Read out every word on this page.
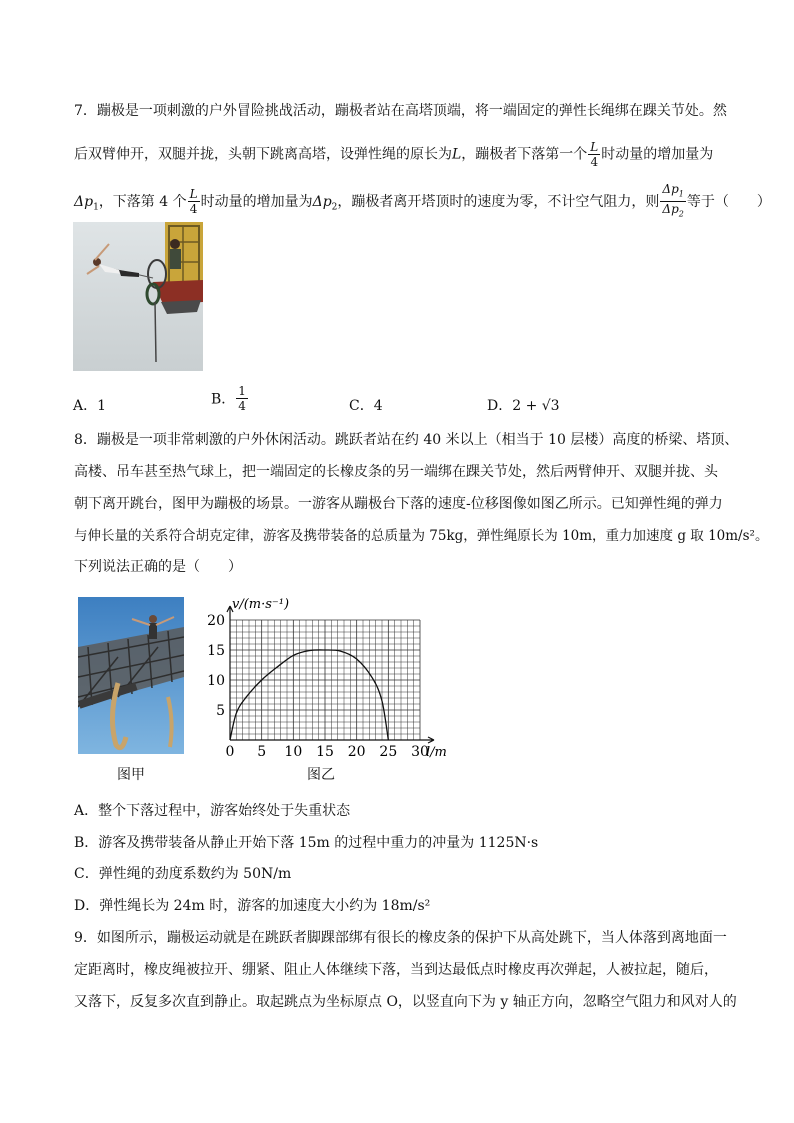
7．蹦极是一项刺激的户外冒险挑战活动，蹦极者站在高塔顶端，将一端固定的弹性长绳绑在踝关节处。然
后双臂伸开，双腿并拢，头朝下跳离高塔，设弹性绳的原长为L，蹦极者下落第一个 $\frac{L}{4}$ 时动量的增加量为
$\Delta p_1$，下落第 4 个 $\frac{L}{4}$ 时动量的增加量为$\Delta p_2$，蹦极者离开塔顶时的速度为零，不计空气阻力，则 $\frac{\Delta p_1}{\Delta p_2}$ 等于（　　）
A．1	B． $\frac{1}{4}$	C．4	D．2 + √3
8．蹦极是一项非常刺激的户外休闲活动。跳跃者站在约 40 米以上（相当于 10 层楼）高度的桥梁、塔顶、
高楼、吊车甚至热气球上，把一端固定的长橡皮条的另一端绑在踝关节处，然后两臂伸开、双腿并拢、头
朝下离开跳台，图甲为蹦极的场景。一游客从蹦极台下落的速度-位移图像如图乙所示。已知弹性绳的弹力
与伸长量的关系符合胡克定律，游客及携带装备的总质量为 75kg，弹性绳原长为 10m，重力加速度 g 取 10m/s²。
下列说法正确的是（　　）
图甲
0 5 10 15 20 25 30
5
10
15
20
v/(m·s⁻¹)
l/m
图乙
A．整个下落过程中，游客始终处于失重状态
B．游客及携带装备从静止开始下落 15m 的过程中重力的冲量为 1125N·s
C．弹性绳的劲度系数约为 50N/m
D．弹性绳长为 24m 时，游客的加速度大小约为 18m/s²
9．如图所示，蹦极运动就是在跳跃者脚踝部绑有很长的橡皮条的保护下从高处跳下，当人体落到离地面一
定距离时，橡皮绳被拉开、绷紧、阻止人体继续下落，当到达最低点时橡皮再次弹起，人被拉起，随后，
又落下，反复多次直到静止。取起跳点为坐标原点 O，以竖直向下为 y 轴正方向，忽略空气阻力和风对人的
